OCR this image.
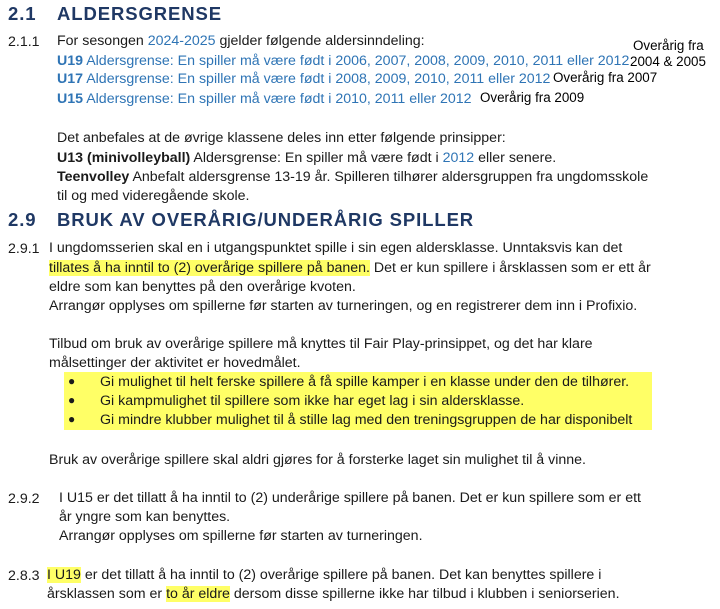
2.1 ALDERSGRENSE
2.1.1 For sesongen 2024-2025 gjelder følgende aldersinndeling:
U19 Aldersgrense: En spiller må være født i 2006, 2007, 2008, 2009, 2010, 2011 eller 2012
U17 Aldersgrense: En spiller må være født i 2008, 2009, 2010, 2011 eller 2012
U15 Aldersgrense: En spiller må være født i 2010, 2011 eller 2012
Overårig fra
2004 & 2005
Overårig fra 2007
Overårig fra 2009
Det anbefales at de øvrige klassene deles inn etter følgende prinsipper:
U13 (minivolleyball) Aldersgrense: En spiller må være født i 2012 eller senere.
Teenvolley Anbefalt aldersgrense 13-19 år. Spilleren tilhører aldersgruppen fra ungdomsskole
til og med videregående skole.
2.9 BRUK AV OVERÅRIG/UNDERÅRIG SPILLER
2.9.1 I ungdomsserien skal en i utgangspunktet spille i sin egen aldersklasse. Unntaksvis kan det
tillates å ha inntil to (2) overårige spillere på banen. Det er kun spillere i årsklassen som er ett år
eldre som kan benyttes på den overårige kvoten.
Arrangør opplyses om spillerne før starten av turneringen, og en registrerer dem inn i Profixio.
Tilbud om bruk av overårige spillere må knyttes til Fair Play-prinsippet, og det har klare
målsettinger der aktivitet er hovedmålet.
● Gi mulighet til helt ferske spillere å få spille kamper i en klasse under den de tilhører.
● Gi kampmulighet til spillere som ikke har eget lag i sin aldersklasse.
● Gi mindre klubber mulighet til å stille lag med den treningsgruppen de har disponibelt
Bruk av overårige spillere skal aldri gjøres for å forsterke laget sin mulighet til å vinne.
2.9.2 I U15 er det tillatt å ha inntil to (2) underårige spillere på banen. Det er kun spillere som er ett
år yngre som kan benyttes.
Arrangør opplyses om spillerne før starten av turneringen.
2.8.3 I U19 er det tillatt å ha inntil to (2) overårige spillere på banen. Det kan benyttes spillere i
årsklassen som er to år eldre dersom disse spillerne ikke har tilbud i klubben i seniorserien.
